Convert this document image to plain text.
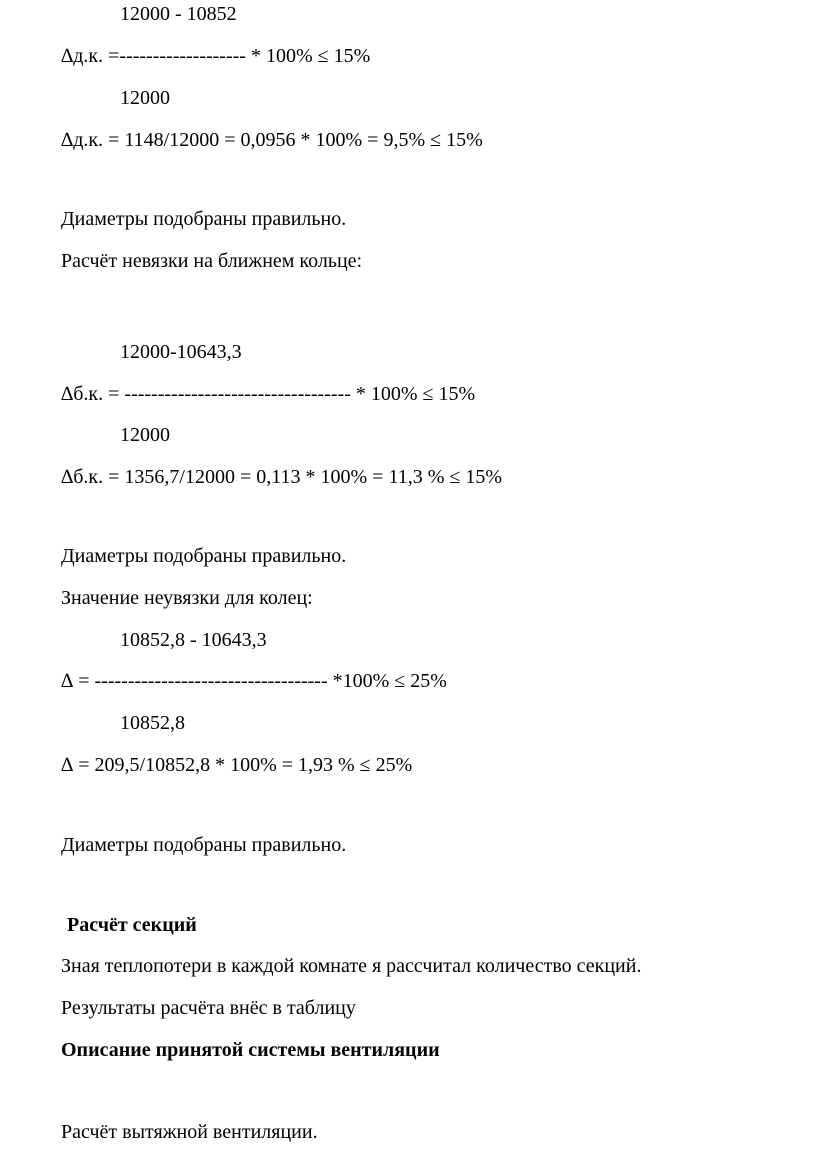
12000 - 10852
∆д.к. =------------------- * 100% ≤ 15%
12000
∆д.к. = 1148/12000 = 0,0956 * 100% = 9,5% ≤ 15%
Диаметры подобраны правильно.
Расчёт невязки на ближнем кольце:
12000-10643,3
∆б.к. = ---------------------------------- * 100% ≤ 15%
12000
∆б.к. = 1356,7/12000 = 0,113 * 100% = 11,3 % ≤ 15%
Диаметры подобраны правильно.
Значение неувязки для колец:
10852,8 - 10643,3
∆ = ----------------------------------- *100% ≤ 25%
10852,8
∆ = 209,5/10852,8 * 100% = 1,93 % ≤ 25%
Диаметры подобраны правильно.
Расчёт секций
Зная теплопотери в каждой комнате я рассчитал количество секций.
Результаты расчёта внёс в таблицу
Описание принятой системы вентиляции
Расчёт вытяжной вентиляции.
